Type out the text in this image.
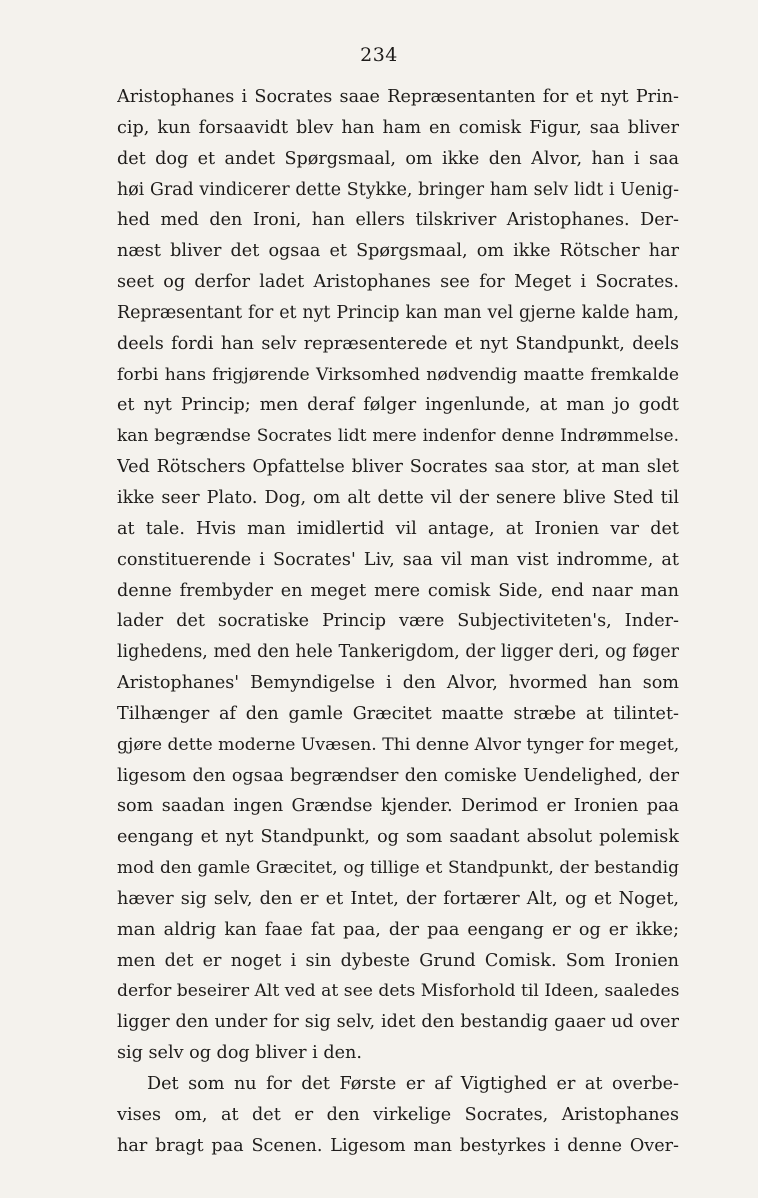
234
Aristophanes i Socrates saae Repræsentanten for et nyt Prin-
cip, kun forsaavidt blev han ham en comisk Figur, saa bliver
det dog et andet Spørgsmaal, om ikke den Alvor, han i saa
høi Grad vindicerer dette Stykke, bringer ham selv lidt i Uenig-
hed med den Ironi, han ellers tilskriver Aristophanes. Der-
næst bliver det ogsaa et Spørgsmaal, om ikke Rötscher har
seet og derfor ladet Aristophanes see for Meget i Socrates.
Repræsentant for et nyt Princip kan man vel gjerne kalde ham,
deels fordi han selv repræsenterede et nyt Standpunkt, deels
forbi hans frigjørende Virksomhed nødvendig maatte fremkalde
et nyt Princip; men deraf følger ingenlunde, at man jo godt
kan begrændse Socrates lidt mere indenfor denne Indrømmelse.
Ved Rötschers Opfattelse bliver Socrates saa stor, at man slet
ikke seer Plato. Dog, om alt dette vil der senere blive Sted til
at tale. Hvis man imidlertid vil antage, at Ironien var det
constituerende i Socrates' Liv, saa vil man vist indromme, at
denne frembyder en meget mere comisk Side, end naar man
lader det socratiske Princip være Subjectiviteten's, Inder-
lighedens, med den hele Tankerigdom, der ligger deri, og føger
Aristophanes' Bemyndigelse i den Alvor, hvormed han som
Tilhænger af den gamle Græcitet maatte stræbe at tilintet-
gjøre dette moderne Uvæsen. Thi denne Alvor tynger for meget,
ligesom den ogsaa begrændser den comiske Uendelighed, der
som saadan ingen Grændse kjender. Derimod er Ironien paa
eengang et nyt Standpunkt, og som saadant absolut polemisk
mod den gamle Græcitet, og tillige et Standpunkt, der bestandig
hæver sig selv, den er et Intet, der fortærer Alt, og et Noget,
man aldrig kan faae fat paa, der paa eengang er og er ikke;
men det er noget i sin dybeste Grund Comisk. Som Ironien
derfor beseirer Alt ved at see dets Misforhold til Ideen, saaledes
ligger den under for sig selv, idet den bestandig gaaer ud over
sig selv og dog bliver i den.
Det som nu for det Første er af Vigtighed er at overbe-
vises om, at det er den virkelige Socrates, Aristophanes
har bragt paa Scenen. Ligesom man bestyrkes i denne Over-
